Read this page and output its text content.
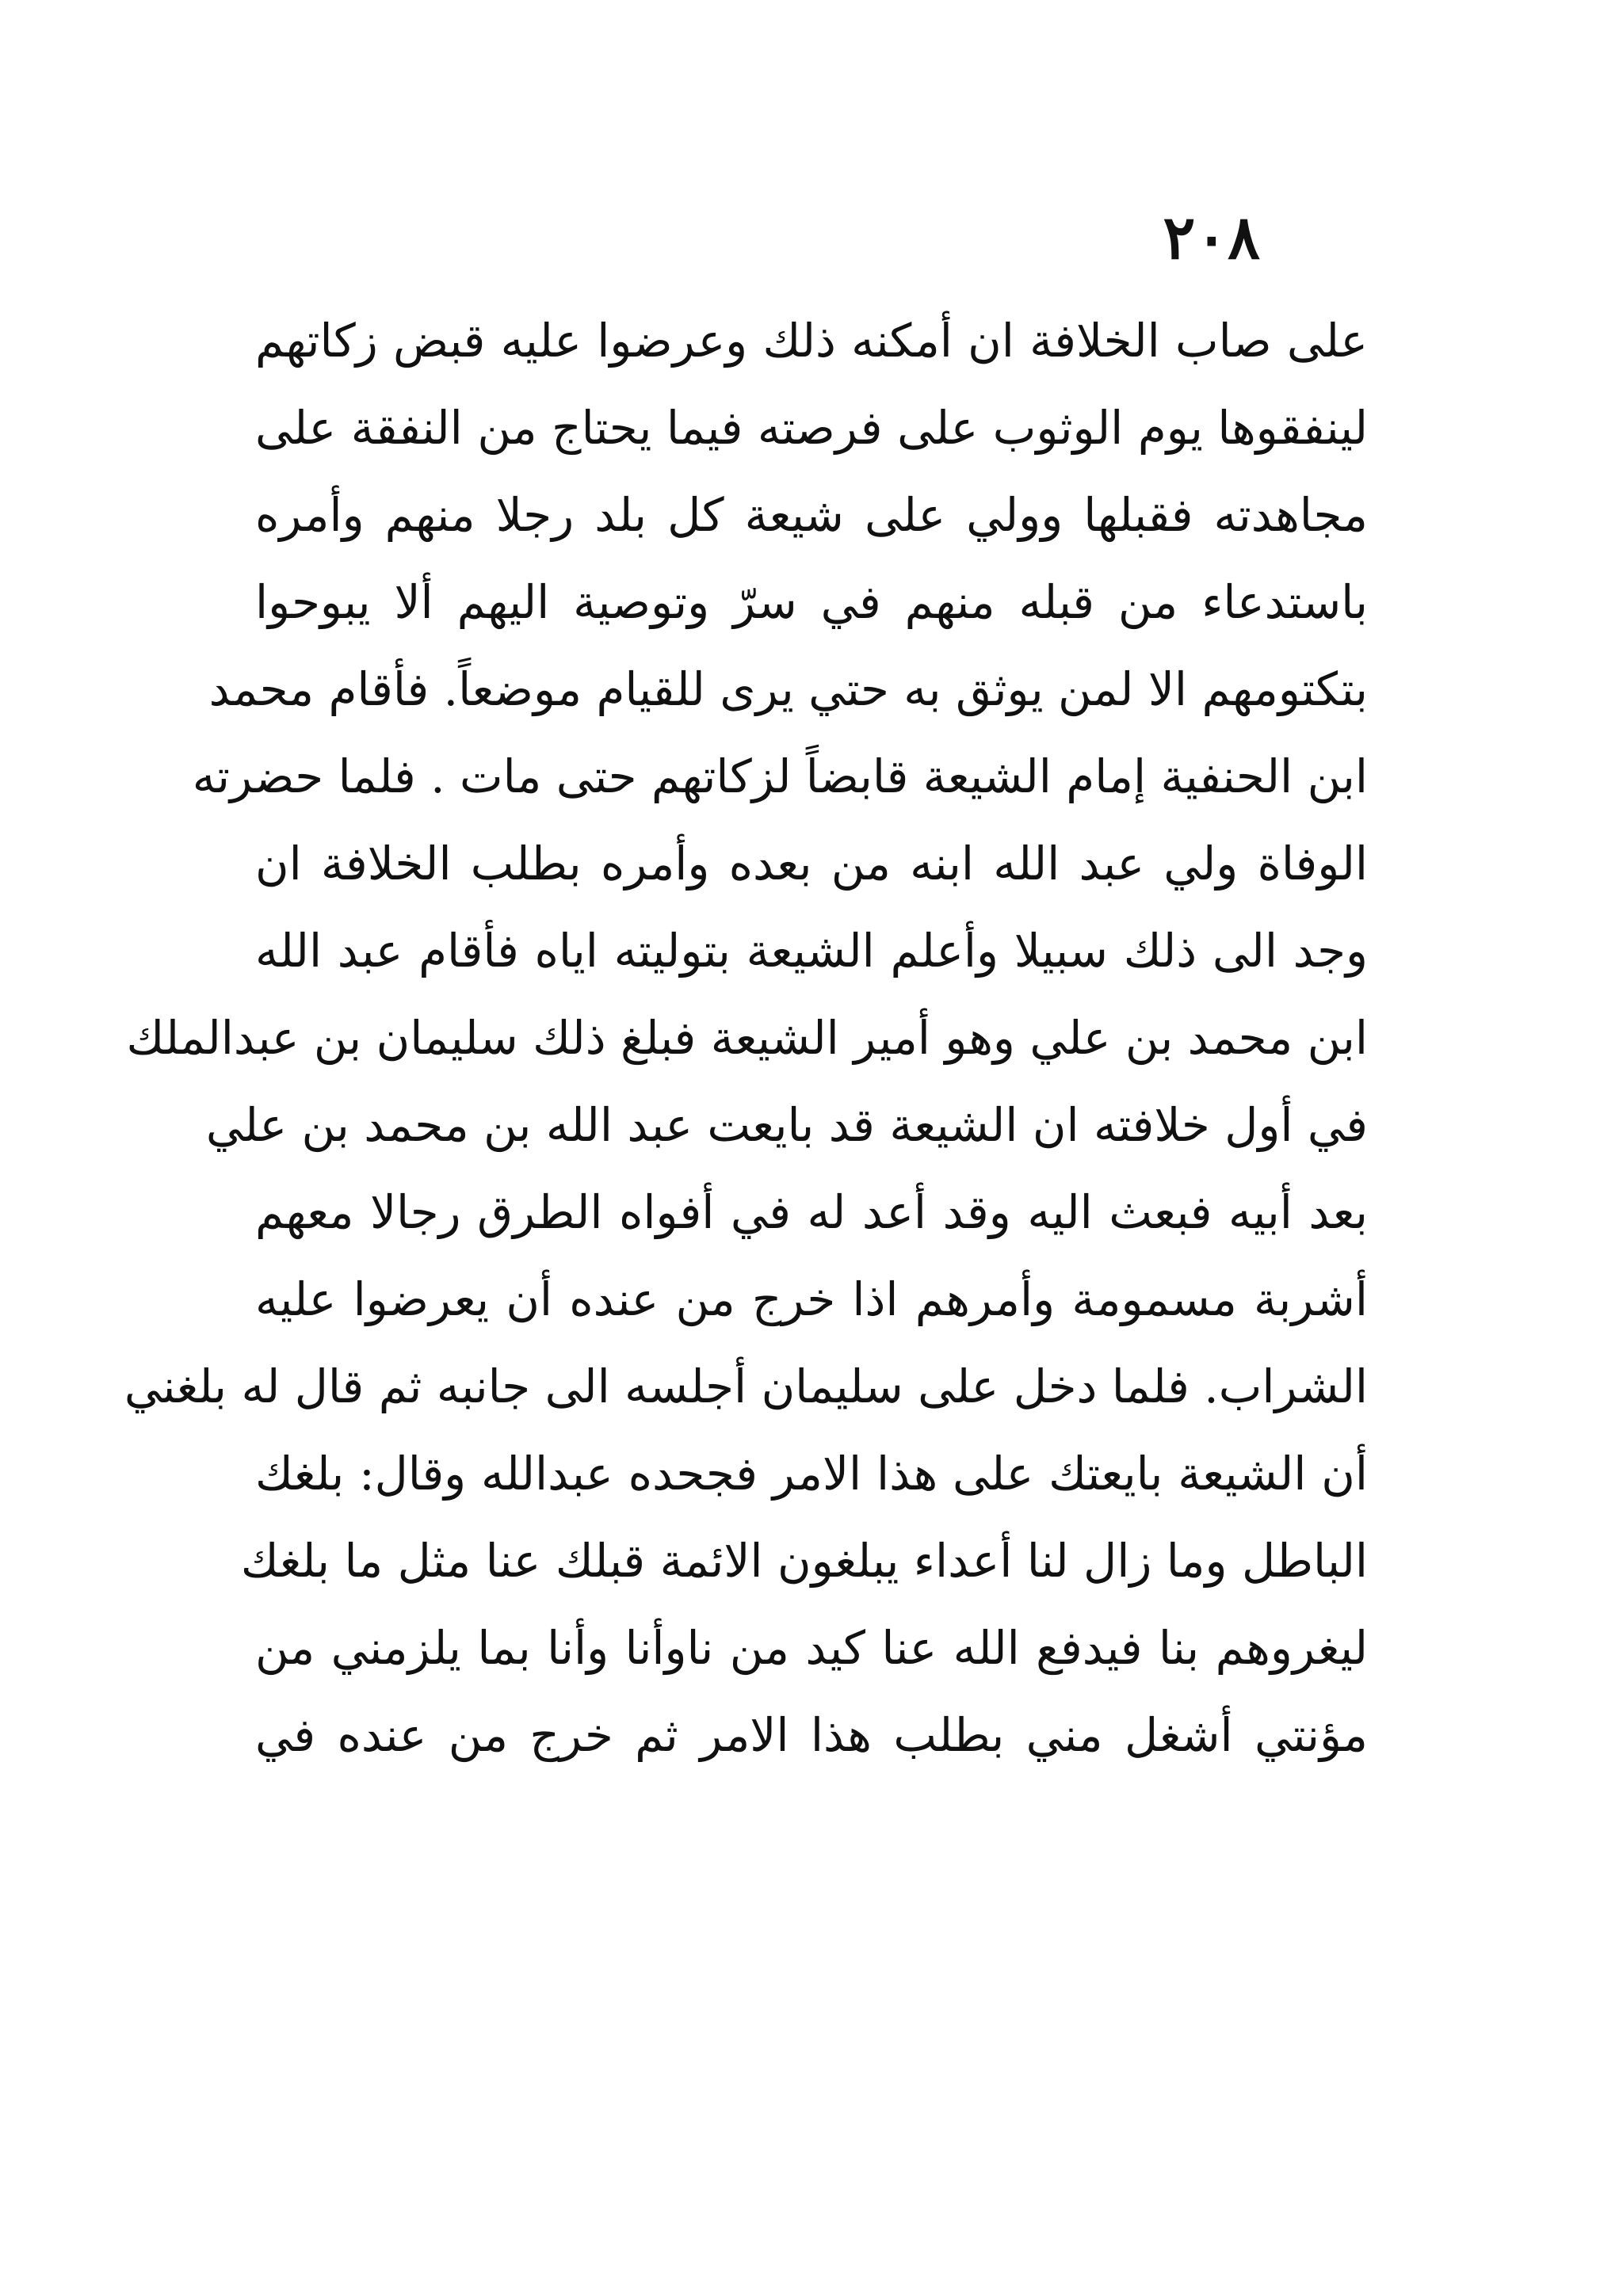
٢٠٨
على صاب الخلافة ان أمكنه ذلك وعرضوا عليه قبض زكاتهم
لينفقوها يوم الوثوب على فرصته فيما يحتاج من النفقة على
مجاهدته فقبلها وولي على شيعة كل بلد رجلا منهم وأمره
باستدعاء من قبله منهم في سرّ وتوصية اليهم ألا يبوحوا
بتكتومهم الا لمن يوثق به حتي يرى للقيام موضعاً. فأقام محمد
ابن الحنفية إمام الشيعة قابضاً لزكاتهم حتى مات . فلما حضرته
الوفاة ولي عبد الله ابنه من بعده وأمره بطلب الخلافة ان
وجد الى ذلك سبيلا وأعلم الشيعة بتوليته اياه فأقام عبد الله
ابن محمد بن علي وهو أمير الشيعة فبلغ ذلك سليمان بن عبدالملك
في أول خلافته ان الشيعة قد بايعت عبد الله بن محمد بن علي
بعد أبيه فبعث اليه وقد أعد له في أفواه الطرق رجالا معهم
أشربة مسمومة وأمرهم اذا خرج من عنده أن يعرضوا عليه
الشراب. فلما دخل على سليمان أجلسه الى جانبه ثم قال له بلغني
أن الشيعة بايعتك على هذا الامر فجحده عبدالله وقال: بلغك
الباطل وما زال لنا أعداء يبلغون الائمة قبلك عنا مثل ما بلغك
ليغروهم بنا فيدفع الله عنا كيد من ناوأنا وأنا بما يلزمني من
مؤنتي أشغل مني بطلب هذا الامر ثم خرج من عنده في
